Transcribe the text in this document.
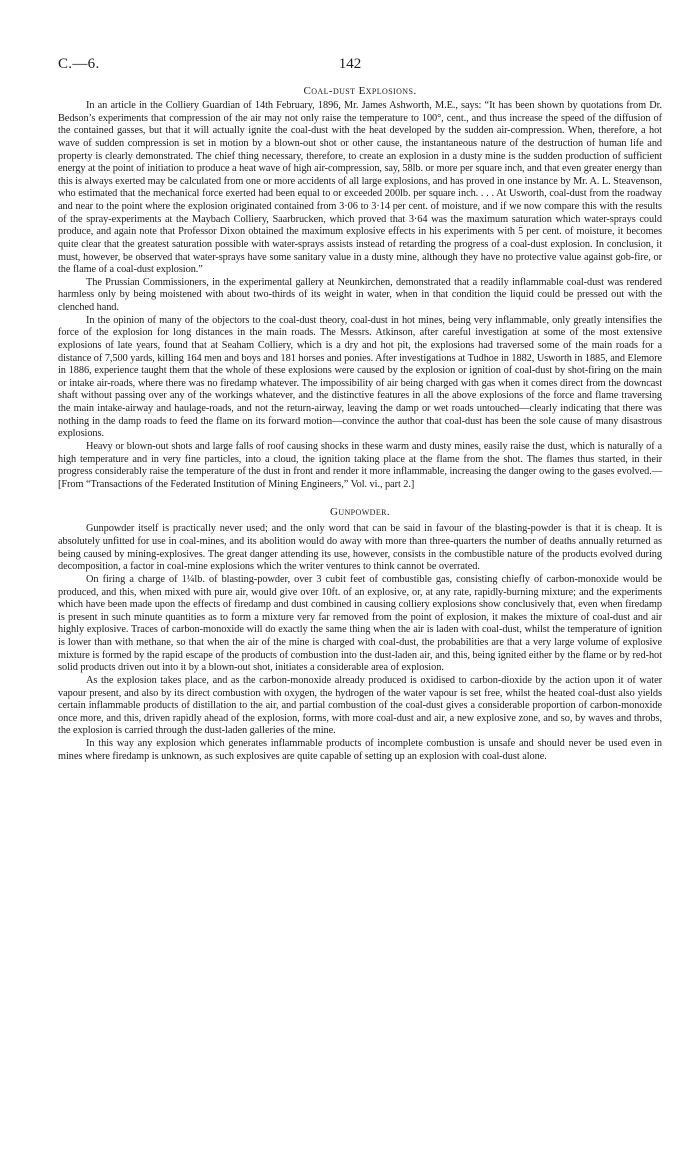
C.—6.	142
Coal-dust Explosions.

In an article in the Colliery Guardian of 14th February, 1896, Mr. James Ashworth, M.E., says: “It has been shown by quotations from Dr. Bedson’s experiments that compression of the air may not only raise the temperature to 100°, cent., and thus increase the speed of the diffusion of the contained gasses, but that it will actually ignite the coal-dust with the heat developed by the sudden air-compression. When, therefore, a hot wave of sudden compression is set in motion by a blown-out shot or other cause, the instantaneous nature of the destruction of human life and property is clearly demonstrated. The chief thing necessary, therefore, to create an explosion in a dusty mine is the sudden production of sufficient energy at the point of initiation to produce a heat wave of high air-compression, say, 58lb. or more per square inch, and that even greater energy than this is always exerted may be calculated from one or more accidents of all large explosions, and has proved in one instance by Mr. A. L. Steavenson, who estimated that the mechanical force exerted had been equal to or exceeded 200lb. per square inch. . . . At Usworth, coal-dust from the roadway and near to the point where the explosion originated contained from 3·06 to 3·14 per cent. of moisture, and if we now compare this with the results of the spray-experiments at the Maybach Colliery, Saarbrucken, which proved that 3·64 was the maximum saturation which water-sprays could produce, and again note that Professor Dixon obtained the maximum explosive effects in his experiments with 5 per cent. of moisture, it becomes quite clear that the greatest saturation possible with water-sprays assists instead of retarding the progress of a coal-dust explosion. In conclusion, it must, however, be observed that water-sprays have some sanitary value in a dusty mine, although they have no protective value against gob-fire, or the flame of a coal-dust explosion.”

The Prussian Commissioners, in the experimental gallery at Neunkirchen, demonstrated that a readily inflammable coal-dust was rendered harmless only by being moistened with about two-thirds of its weight in water, when in that condition the liquid could be pressed out with the clenched hand.

In the opinion of many of the objectors to the coal-dust theory, coal-dust in hot mines, being very inflammable, only greatly intensifies the force of the explosion for long distances in the main roads. The Messrs. Atkinson, after careful investigation at some of the most extensive explosions of late years, found that at Seaham Colliery, which is a dry and hot pit, the explosions had traversed some of the main roads for a distance of 7,500 yards, killing 164 men and boys and 181 horses and ponies. After investigations at Tudhoe in 1882, Usworth in 1885, and Elemore in 1886, experience taught them that the whole of these explosions were caused by the explosion or ignition of coal-dust by shot-firing on the main or intake air-roads, where there was no firedamp whatever. The impossibility of air being charged with gas when it comes direct from the downcast shaft without passing over any of the workings whatever, and the distinctive features in all the above explosions of the force and flame traversing the main intake-airway and haulage-roads, and not the return-airway, leaving the damp or wet roads untouched—clearly indicating that there was nothing in the damp roads to feed the flame on its forward motion—convince the author that coal-dust has been the sole cause of many disastrous explosions.

Heavy or blown-out shots and large falls of roof causing shocks in these warm and dusty mines, easily raise the dust, which is naturally of a high temperature and in very fine particles, into a cloud, the ignition taking place at the flame from the shot. The flames thus started, in their progress considerably raise the temperature of the dust in front and render it more inflammable, increasing the danger owing to the gases evolved.—[From “Transactions of the Federated Institution of Mining Engineers,” Vol. vi., part 2.]

Gunpowder.

Gunpowder itself is practically never used; and the only word that can be said in favour of the blasting-powder is that it is cheap. It is absolutely unfitted for use in coal-mines, and its abolition would do away with more than three-quarters the number of deaths annually returned as being caused by mining-explosives. The great danger attending its use, however, consists in the combustible nature of the products evolved during decomposition, a factor in coal-mine explosions which the writer ventures to think cannot be overrated.

On firing a charge of 1¼lb. of blasting-powder, over 3 cubit feet of combustible gas, consisting chiefly of carbon-monoxide would be produced, and this, when mixed with pure air, would give over 10ft. of an explosive, or, at any rate, rapidly-burning mixture; and the experiments which have been made upon the effects of firedamp and dust combined in causing colliery explosions show conclusively that, even when firedamp is present in such minute quantities as to form a mixture very far removed from the point of explosion, it makes the mixture of coal-dust and air highly explosive. Traces of carbon-monoxide will do exactly the same thing when the air is laden with coal-dust, whilst the temperature of ignition is lower than with methane, so that when the air of the mine is charged with coal-dust, the probabilities are that a very large volume of explosive mixture is formed by the rapid escape of the products of combustion into the dust-laden air, and this, being ignited either by the flame or by red-hot solid products driven out into it by a blown-out shot, initiates a considerable area of explosion.

As the explosion takes place, and as the carbon-monoxide already produced is oxidised to carbon-dioxide by the action upon it of water vapour present, and also by its direct combustion with oxygen, the hydrogen of the water vapour is set free, whilst the heated coal-dust also yields certain inflammable products of distillation to the air, and partial combustion of the coal-dust gives a considerable proportion of carbon-monoxide once more, and this, driven rapidly ahead of the explosion, forms, with more coal-dust and air, a new explosive zone, and so, by waves and throbs, the explosion is carried through the dust-laden galleries of the mine.

In this way any explosion which generates inflammable products of incomplete combustion is unsafe and should never be used even in mines where firedamp is unknown, as such explosives are quite capable of setting up an explosion with coal-dust alone.
